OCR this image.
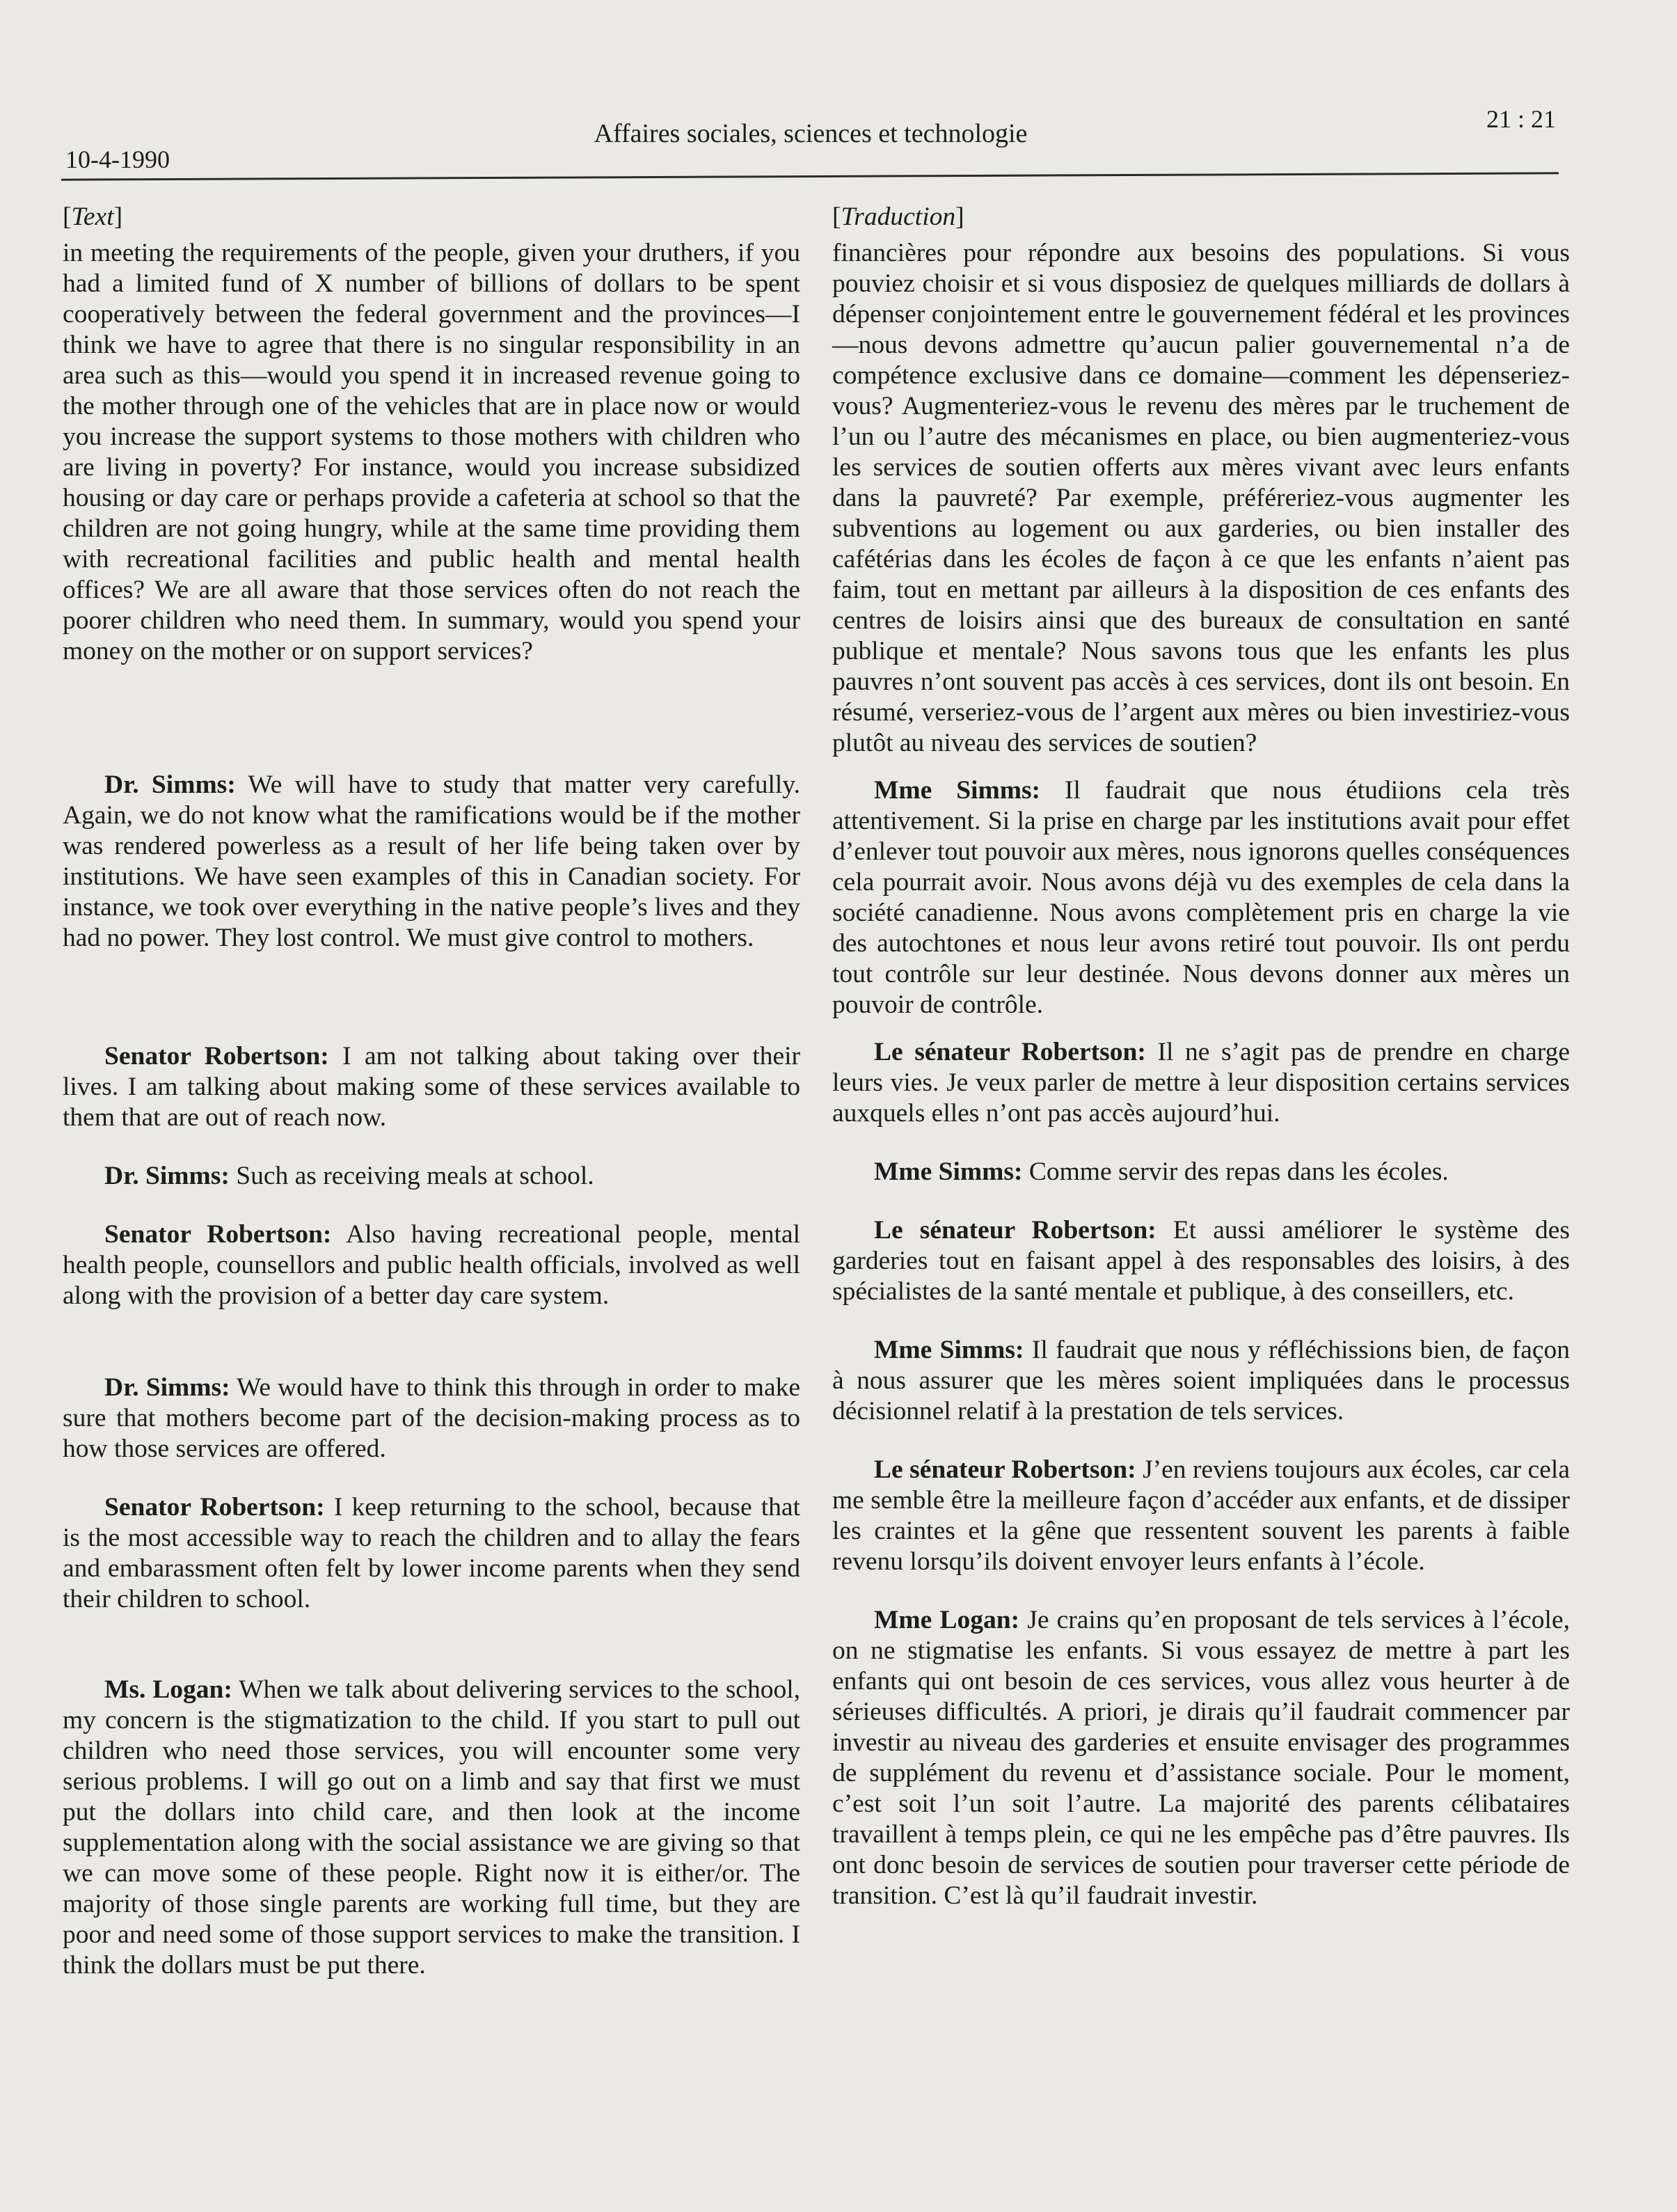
10-4-1990
Affaires sociales, sciences et technologie	21 : 21
[Text]

in meeting the requirements of the people, given your druthers, if you had a limited fund of X number of billions of dollars to be spent cooperatively between the federal government and the provinces—I think we have to agree that there is no singular responsibility in an area such as this—would you spend it in increased revenue going to the mother through one of the vehicles that are in place now or would you increase the support systems to those mothers with children who are living in poverty? For instance, would you increase subsidized housing or day care or perhaps provide a cafeteria at school so that the children are not going hungry, while at the same time providing them with recreational facilities and public health and mental health offices? We are all aware that those services often do not reach the poorer children who need them. In summary, would you spend your money on the mother or on support services?

Dr. Simms: We will have to study that matter very carefully. Again, we do not know what the ramifications would be if the mother was rendered powerless as a result of her life being taken over by institutions. We have seen examples of this in Canadian society. For instance, we took over everything in the native people’s lives and they had no power. They lost control. We must give control to mothers.

Senator Robertson: I am not talking about taking over their lives. I am talking about making some of these services available to them that are out of reach now.

Dr. Simms: Such as receiving meals at school.

Senator Robertson: Also having recreational people, mental health people, counsellors and public health officials, involved as well along with the provision of a better day care system.

Dr. Simms: We would have to think this through in order to make sure that mothers become part of the decision-making process as to how those services are offered.

Senator Robertson: I keep returning to the school, because that is the most accessible way to reach the children and to allay the fears and embarassment often felt by lower income parents when they send their children to school.

Ms. Logan: When we talk about delivering services to the school, my concern is the stigmatization to the child. If you start to pull out children who need those services, you will encounter some very serious problems. I will go out on a limb and say that first we must put the dollars into child care, and then look at the income supplementation along with the social assistance we are giving so that we can move some of these people. Right now it is either/or. The majority of those single parents are working full time, but they are poor and need some of those support services to make the transition. I think the dollars must be put there.

[Traduction]

financières pour répondre aux besoins des populations. Si vous pouviez choisir et si vous disposiez de quelques milliards de dollars à dépenser conjointement entre le gouvernement fédéral et les provinces—nous devons admettre qu’aucun palier gouvernemental n’a de compétence exclusive dans ce domaine—comment les dépenseriez-vous? Augmenteriez-vous le revenu des mères par le truchement de l’un ou l’autre des mécanismes en place, ou bien augmenteriez-vous les services de soutien offerts aux mères vivant avec leurs enfants dans la pauvreté? Par exemple, préféreriez-vous augmenter les subventions au logement ou aux garderies, ou bien installer des cafétérias dans les écoles de façon à ce que les enfants n’aient pas faim, tout en mettant par ailleurs à la disposition de ces enfants des centres de loisirs ainsi que des bureaux de consultation en santé publique et mentale? Nous savons tous que les enfants les plus pauvres n’ont souvent pas accès à ces services, dont ils ont besoin. En résumé, verseriez-vous de l’argent aux mères ou bien investiriez-vous plutôt au niveau des services de soutien?

Mme Simms: Il faudrait que nous étudiions cela très attentivement. Si la prise en charge par les institutions avait pour effet d’enlever tout pouvoir aux mères, nous ignorons quelles conséquences cela pourrait avoir. Nous avons déjà vu des exemples de cela dans la société canadienne. Nous avons complètement pris en charge la vie des autochtones et nous leur avons retiré tout pouvoir. Ils ont perdu tout contrôle sur leur destinée. Nous devons donner aux mères un pouvoir de contrôle.

Le sénateur Robertson: Il ne s’agit pas de prendre en charge leurs vies. Je veux parler de mettre à leur disposition certains services auxquels elles n’ont pas accès aujourd’hui.

Mme Simms: Comme servir des repas dans les écoles.

Le sénateur Robertson: Et aussi améliorer le système des garderies tout en faisant appel à des responsables des loisirs, à des spécialistes de la santé mentale et publique, à des conseillers, etc.

Mme Simms: Il faudrait que nous y réfléchissions bien, de façon à nous assurer que les mères soient impliquées dans le processus décisionnel relatif à la prestation de tels services.

Le sénateur Robertson: J’en reviens toujours aux écoles, car cela me semble être la meilleure façon d’accéder aux enfants, et de dissiper les craintes et la gêne que ressentent souvent les parents à faible revenu lorsqu’ils doivent envoyer leurs enfants à l’école.

Mme Logan: Je crains qu’en proposant de tels services à l’école, on ne stigmatise les enfants. Si vous essayez de mettre à part les enfants qui ont besoin de ces services, vous allez vous heurter à de sérieuses difficultés. A priori, je dirais qu’il faudrait commencer par investir au niveau des garderies et ensuite envisager des programmes de supplément du revenu et d’assistance sociale. Pour le moment, c’est soit l’un soit l’autre. La majorité des parents célibataires travaillent à temps plein, ce qui ne les empêche pas d’être pauvres. Ils ont donc besoin de services de soutien pour traverser cette période de transition. C’est là qu’il faudrait investir.
